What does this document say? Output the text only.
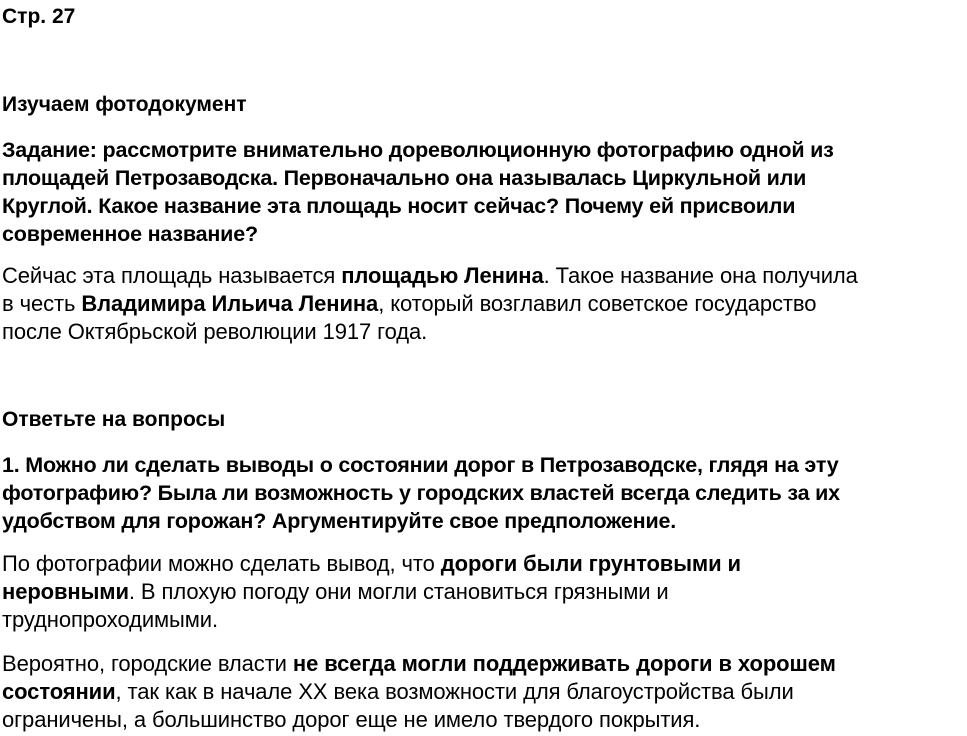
Стр. 27
Изучаем фотодокумент
Задание: рассмотрите внимательно дореволюционную фотографию одной из
площадей Петрозаводска. Первоначально она называлась Циркульной или
Круглой. Какое название эта площадь носит сейчас? Почему ей присвоили
современное название?
Сейчас эта площадь называется площадью Ленина. Такое название она получила
в честь Владимира Ильича Ленина, который возглавил советское государство
после Октябрьской революции 1917 года.
Ответьте на вопросы
1. Можно ли сделать выводы о состоянии дорог в Петрозаводске, глядя на эту
фотографию? Была ли возможность у городских властей всегда следить за их
удобством для горожан? Аргументируйте свое предположение.
По фотографии можно сделать вывод, что дороги были грунтовыми и
неровными. В плохую погоду они могли становиться грязными и
труднопроходимыми.
Вероятно, городские власти не всегда могли поддерживать дороги в хорошем
состоянии, так как в начале XX века возможности для благоустройства были
ограничены, а большинство дорог еще не имело твердого покрытия.
